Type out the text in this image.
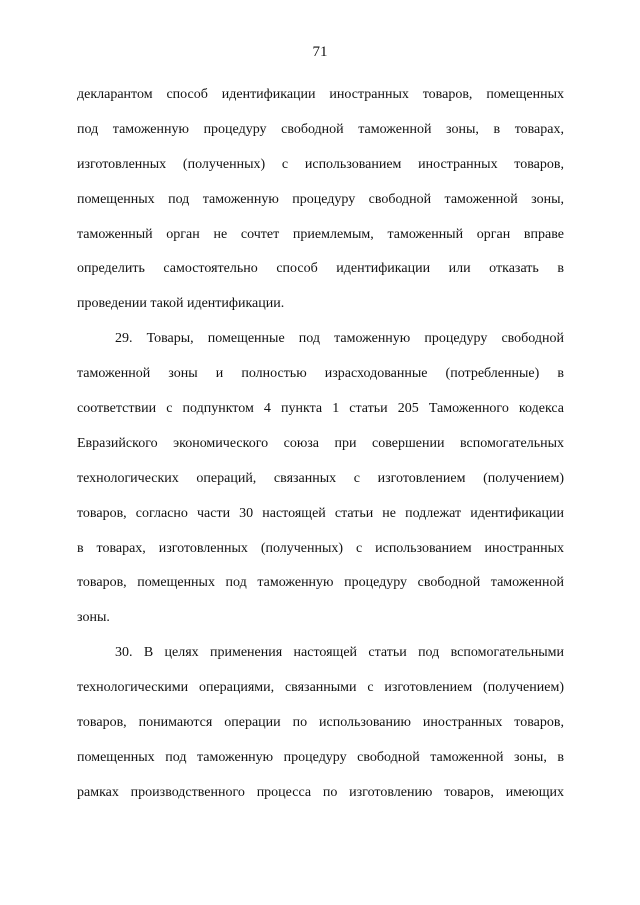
71
декларантом способ идентификации иностранных товаров, помещенных
под таможенную процедуру свободной таможенной зоны, в товарах,
изготовленных (полученных) с использованием иностранных товаров,
помещенных под таможенную процедуру свободной таможенной зоны,
таможенный орган не сочтет приемлемым, таможенный орган вправе
определить самостоятельно способ идентификации или отказать в
проведении такой идентификации.
29. Товары, помещенные под таможенную процедуру свободной
таможенной зоны и полностью израсходованные (потребленные) в
соответствии с подпунктом 4 пункта 1 статьи 205 Таможенного кодекса
Евразийского экономического союза при совершении вспомогательных
технологических операций, связанных с изготовлением (получением)
товаров, согласно части 30 настоящей статьи не подлежат идентификации
в товарах, изготовленных (полученных) с использованием иностранных
товаров, помещенных под таможенную процедуру свободной таможенной
зоны.
30. В целях применения настоящей статьи под вспомогательными
технологическими операциями, связанными с изготовлением (получением)
товаров, понимаются операции по использованию иностранных товаров,
помещенных под таможенную процедуру свободной таможенной зоны, в
рамках производственного процесса по изготовлению товаров, имеющих
